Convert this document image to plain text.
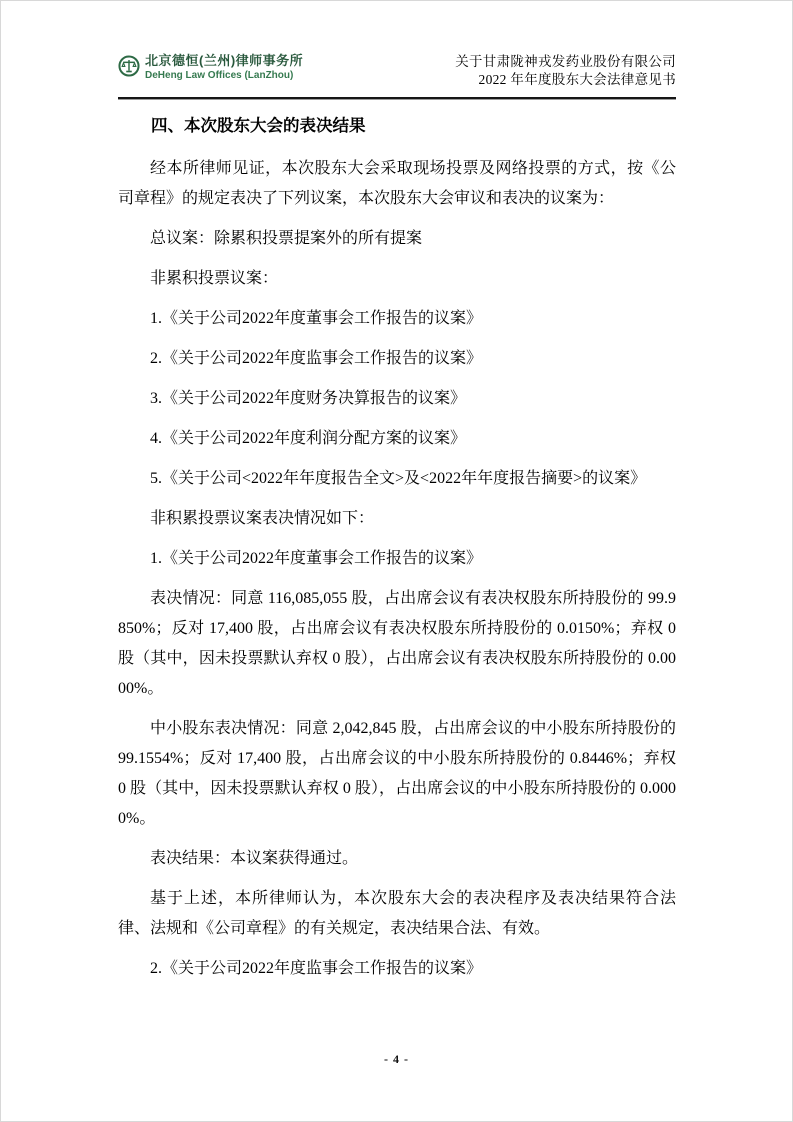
北京德恒(兰州)律师事务所
DeHeng Law Offices (LanZhou)
关于甘肃陇神戎发药业股份有限公司
2022 年年度股东大会法律意见书
四、本次股东大会的表决结果

经本所律师见证，本次股东大会采取现场投票及网络投票的方式，按《公司章程》的规定表决了下列议案，本次股东大会审议和表决的议案为：

总议案：除累积投票提案外的所有提案

非累积投票议案：

1.《关于公司2022年度董事会工作报告的议案》

2.《关于公司2022年度监事会工作报告的议案》

3.《关于公司2022年度财务决算报告的议案》

4.《关于公司2022年度利润分配方案的议案》

5.《关于公司<2022年年度报告全文>及<2022年年度报告摘要>的议案》

非积累投票议案表决情况如下：

1.《关于公司2022年度董事会工作报告的议案》

表决情况：同意 116,085,055 股，占出席会议有表决权股东所持股份的 99.9850%；反对 17,400 股，占出席会议有表决权股东所持股份的 0.0150%；弃权 0 股（其中，因未投票默认弃权 0 股），占出席会议有表决权股东所持股份的 0.0000%。

中小股东表决情况：同意 2,042,845 股，占出席会议的中小股东所持股份的 99.1554%；反对 17,400 股，占出席会议的中小股东所持股份的 0.8446%；弃权 0 股（其中，因未投票默认弃权 0 股），占出席会议的中小股东所持股份的 0.0000%。

表决结果：本议案获得通过。

基于上述，本所律师认为，本次股东大会的表决程序及表决结果符合法律、法规和《公司章程》的有关规定，表决结果合法、有效。

2.《关于公司2022年度监事会工作报告的议案》

- 4 -
